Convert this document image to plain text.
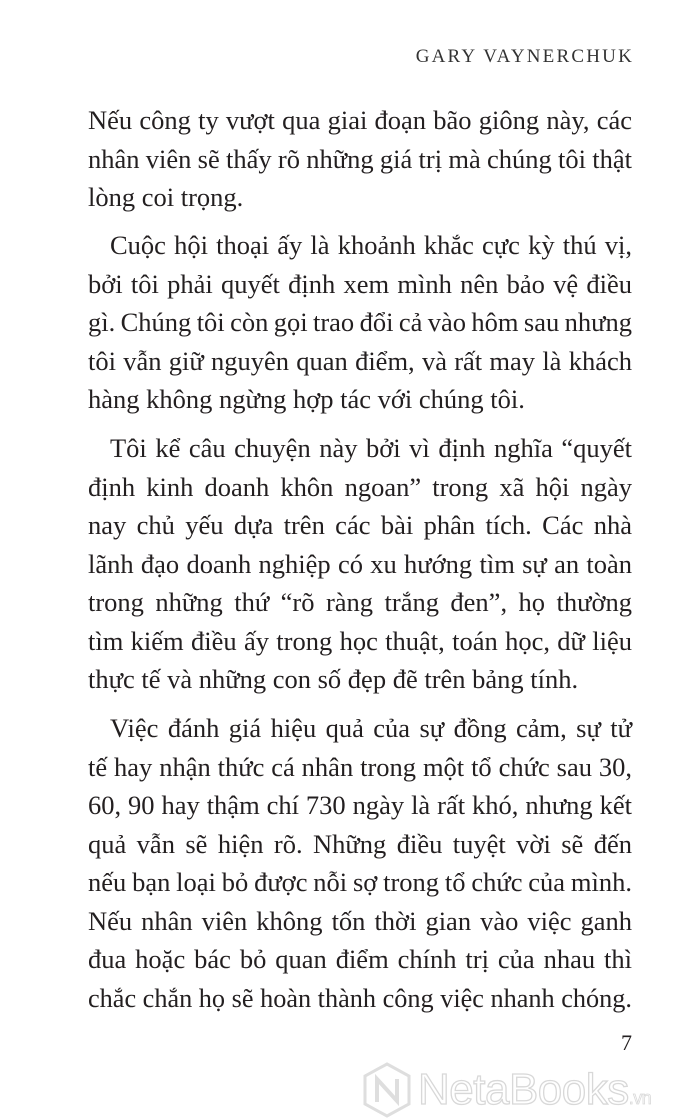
GARY VAYNERCHUK
Nếu công ty vượt qua giai đoạn bão giông này, các
nhân viên sẽ thấy rõ những giá trị mà chúng tôi thật
lòng coi trọng.
Cuộc hội thoại ấy là khoảnh khắc cực kỳ thú vị,
bởi tôi phải quyết định xem mình nên bảo vệ điều
gì. Chúng tôi còn gọi trao đổi cả vào hôm sau nhưng
tôi vẫn giữ nguyên quan điểm, và rất may là khách
hàng không ngừng hợp tác với chúng tôi.
Tôi kể câu chuyện này bởi vì định nghĩa “quyết
định kinh doanh khôn ngoan” trong xã hội ngày
nay chủ yếu dựa trên các bài phân tích. Các nhà
lãnh đạo doanh nghiệp có xu hướng tìm sự an toàn
trong những thứ “rõ ràng trắng đen”, họ thường
tìm kiếm điều ấy trong học thuật, toán học, dữ liệu
thực tế và những con số đẹp đẽ trên bảng tính.
Việc đánh giá hiệu quả của sự đồng cảm, sự tử
tế hay nhận thức cá nhân trong một tổ chức sau 30,
60, 90 hay thậm chí 730 ngày là rất khó, nhưng kết
quả vẫn sẽ hiện rõ. Những điều tuyệt vời sẽ đến
nếu bạn loại bỏ được nỗi sợ trong tổ chức của mình.
Nếu nhân viên không tốn thời gian vào việc ganh
đua hoặc bác bỏ quan điểm chính trị của nhau thì
chắc chắn họ sẽ hoàn thành công việc nhanh chóng.
7
NetaBooks.vn
